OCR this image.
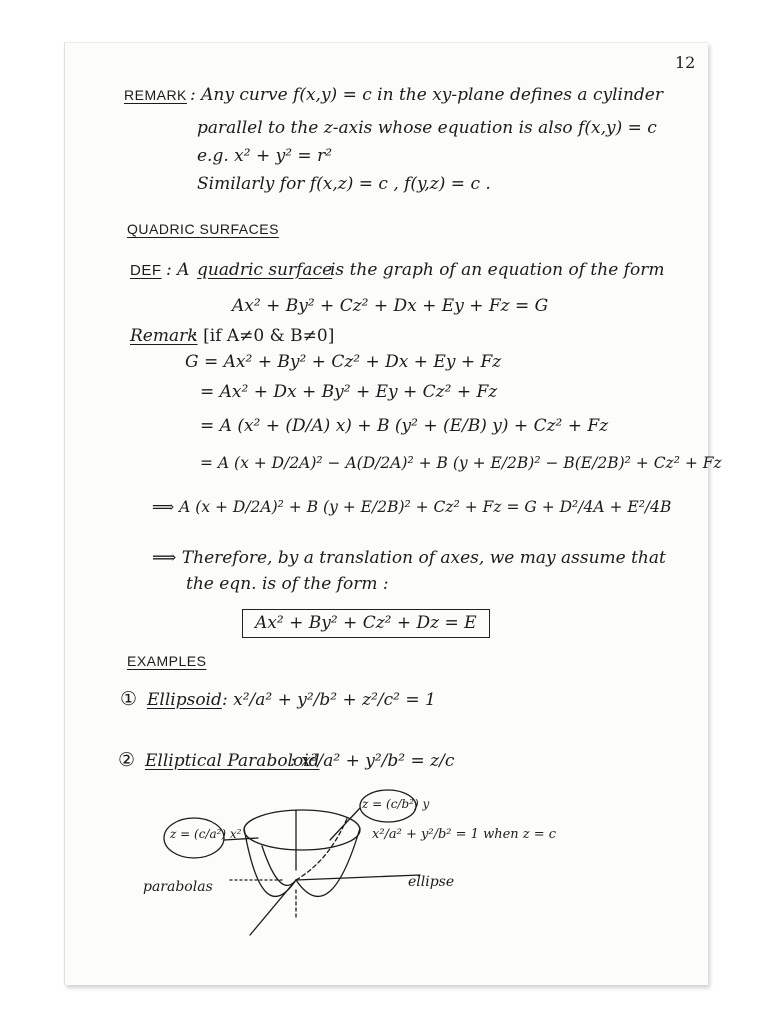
12
REMARK : Any curve f(x,y) = c in the xy-plane defines a cylinder
parallel to the z-axis whose equation is also f(x,y) = c
e.g. x² + y² = r²
Similarly for f(x,z) = c , f(y,z) = c .
QUADRIC SURFACES
DEF : A quadric surface
is the graph of an equation of the form
Ax² + By² + Cz² + Dx + Ey + Fz = G
Remark
: [if A≠0 & B≠0]
G = Ax² + By² + Cz² + Dx + Ey + Fz
= Ax² + Dx + By² + Ey + Cz² + Fz
= A (x² + (D/A) x) + B (y² + (E/B) y) + Cz² + Fz
= A (x + D/2A)² − A(D/2A)² + B (y + E/2B)² − B(E/2B)² + Cz² + Fz
⟹ A (x + D/2A)² + B (y + E/2B)² + Cz² + Fz = G + D²/4A + E²/4B
⟹ Therefore, by a translation of axes, we may assume that
the eqn. is of the form :
Ax² + By² + Cz² + Dz = E
EXAMPLES
① Ellipsoid : x²/a² + y²/b² + z²/c² = 1
② Elliptical Paraboloid
: x²/a² + y²/b² = z/c
z = (c/a²) x²
z = (c/b²) y
x²/a² + y²/b² = 1 when z = c
parabolas	ellipse
